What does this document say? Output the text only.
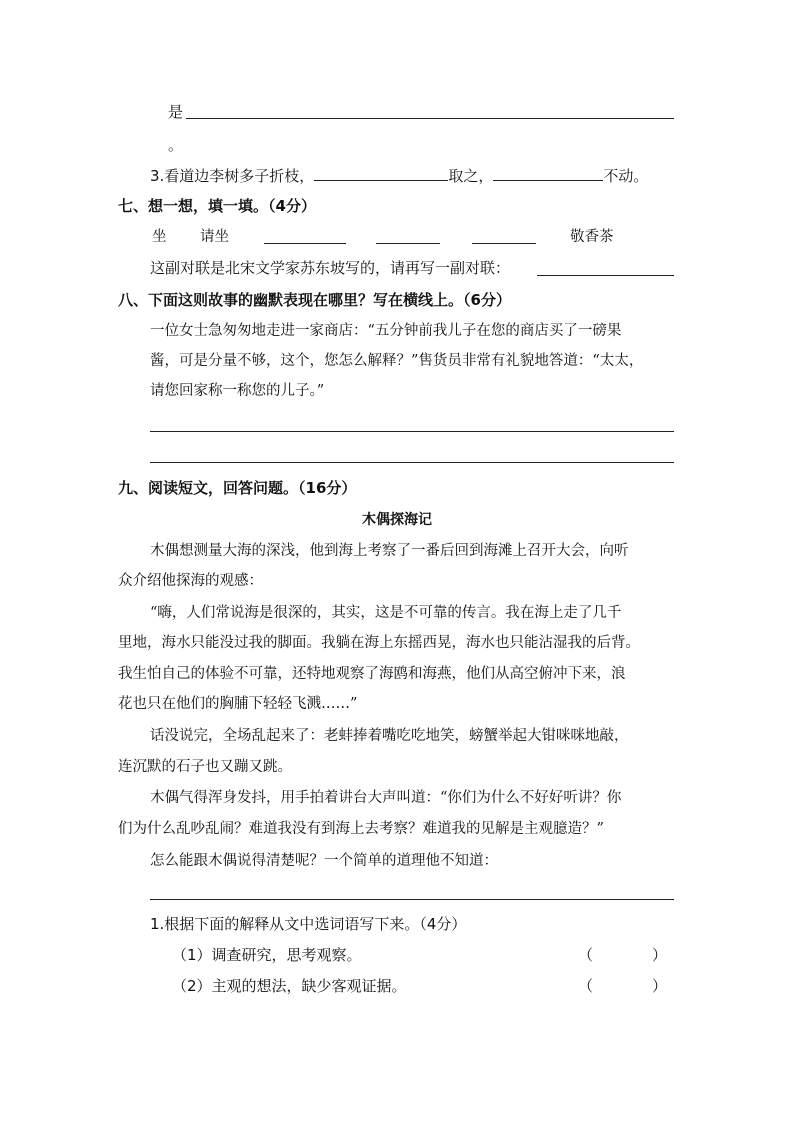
是
。
3.看道边李树多子折枝，	取之，	不动。
七、想一想，填一填。（4分）
坐 请坐	敬香茶
这副对联是北宋文学家苏东坡写的，请再写一副对联：
八、下面这则故事的幽默表现在哪里？写在横线上。（6分）
一位女士急匆匆地走进一家商店：“五分钟前我儿子在您的商店买了一磅果
酱，可是分量不够，这个，您怎么解释？”售货员非常有礼貌地答道：“太太，
请您回家称一称您的儿子。”
九、阅读短文，回答问题。（16分）
木偶探海记
木偶想测量大海的深浅，他到海上考察了一番后回到海滩上召开大会，向听
众介绍他探海的观感：
“嗨，人们常说海是很深的，其实，这是不可靠的传言。我在海上走了几千
里地，海水只能没过我的脚面。我躺在海上东摇西晃，海水也只能沾湿我的后背。
我生怕自己的体验不可靠，还特地观察了海鸥和海燕，他们从高空俯冲下来，浪
花也只在他们的胸脯下轻轻飞溅……”
话没说完，全场乱起来了：老蚌捧着嘴吃吃地笑，螃蟹举起大钳咪咪地敲，
连沉默的石子也又蹦又跳。
木偶气得浑身发抖，用手拍着讲台大声叫道：“你们为什么不好好听讲？你
们为什么乱吵乱闹？难道我没有到海上去考察？难道我的见解是主观臆造？”
怎么能跟木偶说得清楚呢？一个简单的道理他不知道：
1.根据下面的解释从文中选词语写下来。（4分）
（1）调查研究，思考观察。	（	）
（2）主观的想法，缺少客观证据。	（	）
